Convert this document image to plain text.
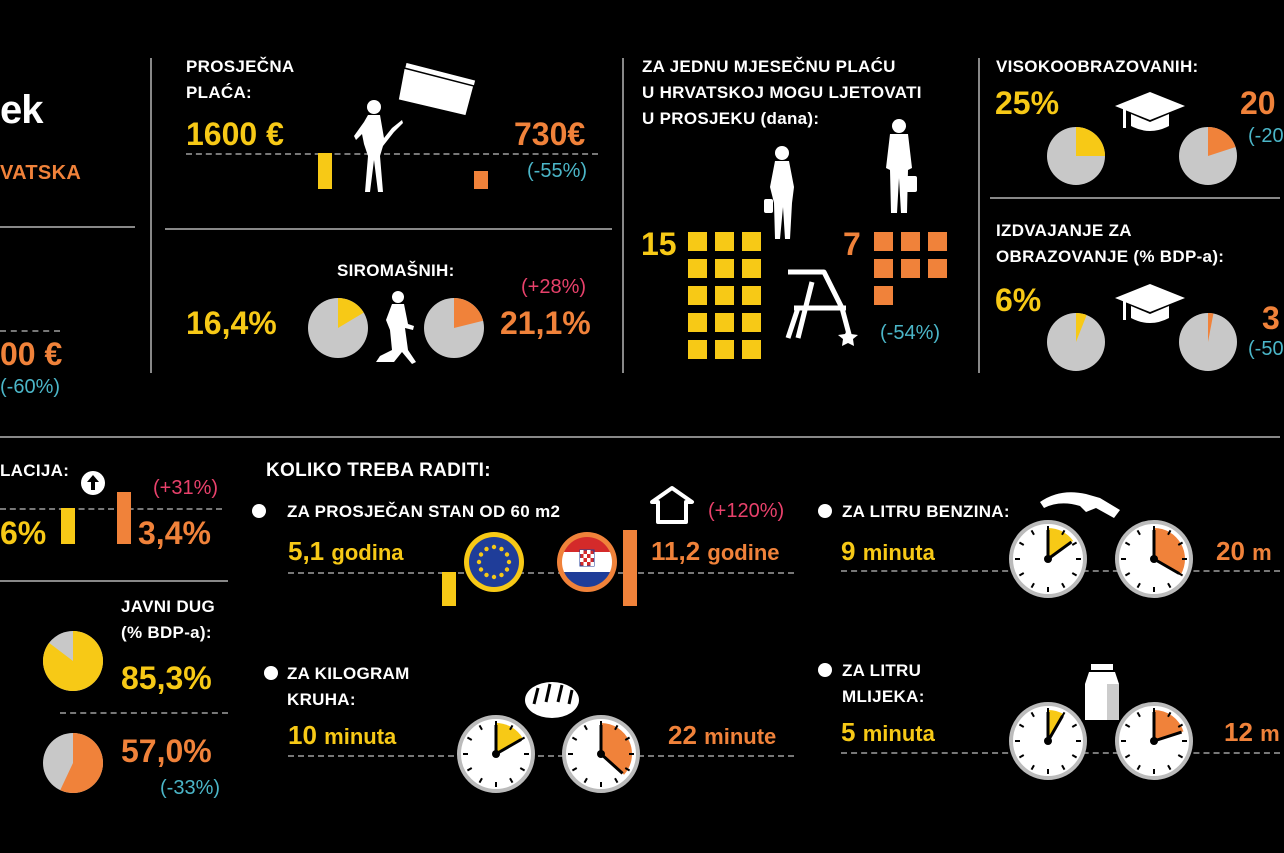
ek
VATSKA
00 €
(-60%)
PROSJEČNA
PLAĆA:
1600 €	730€
(-55%)
SIROMAŠNIH:
(+28%)
16,4%	21,1%
ZA JEDNU MJESEČNU PLAĆU
U HRVATSKOJ MOGU LJETOVATI
U PROSJEKU (dana):
15	7
(-54%)
VISOKOOBRAZOVANIH:
25%	20
(-20
IZDVAJANJE ZA
OBRAZOVANJE (% BDP-a):
6%	3
(-50
LACIJA:
(+31%)
6%	3,4%
JAVNI DUG
(% BDP-a):
85,3%
57,0%
(-33%)
KOLIKO TREBA RADITI:
ZA PROSJEČAN STAN OD 60 m2	(+120%)
5,1 godina	11,2 godine
ZA LITRU BENZINA:
9 minuta	20 m
ZA KILOGRAM
KRUHA:
10 minuta	22 minute
ZA LITRU
MLIJEKA:
5 minuta	12 m
